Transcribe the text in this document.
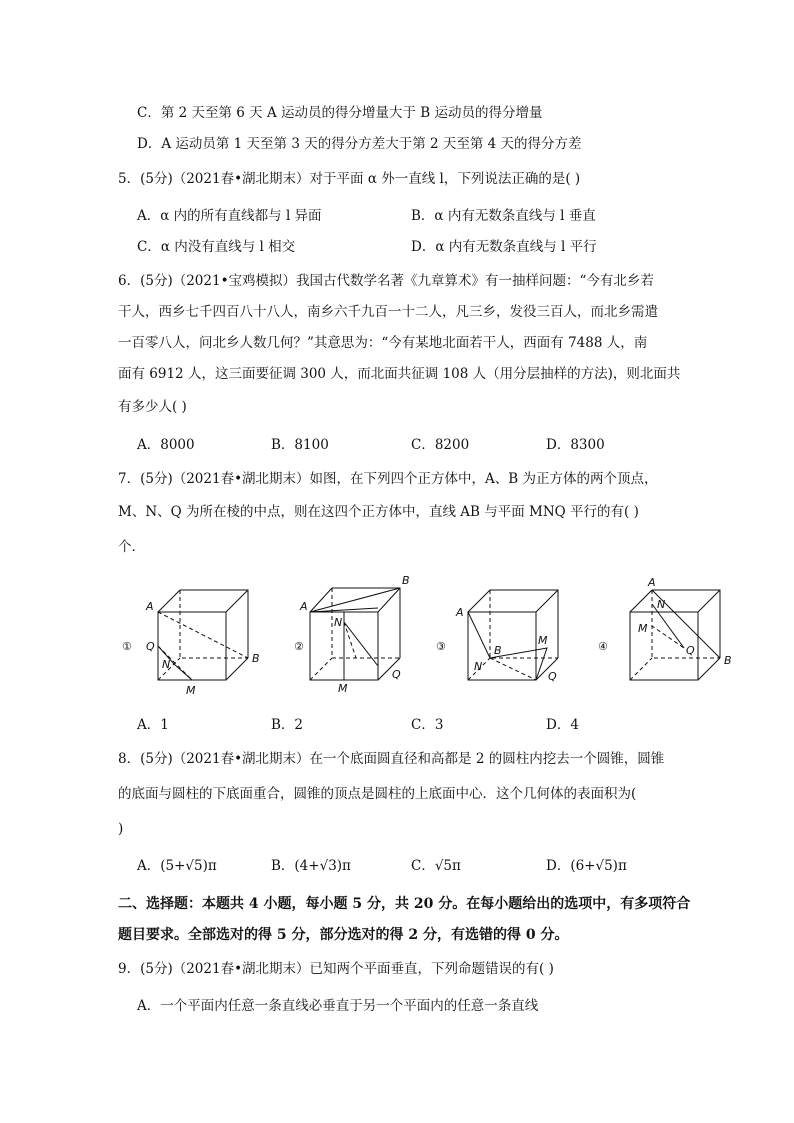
C．第 2 天至第 6 天 A 运动员的得分增量大于 B 运动员的得分增量
D．A 运动员第 1 天至第 3 天的得分方差大于第 2 天至第 4 天的得分方差
5．(5分)（2021春•湖北期末）对于平面 α 外一直线 l，下列说法正确的是( )
A．α 内的所有直线都与 l 异面	B．α 内有无数条直线与 l 垂直
C．α 内没有直线与 l 相交	D．α 内有无数条直线与 l 平行
6．(5分)（2021•宝鸡模拟）我国古代数学名著《九章算术》有一抽样问题：“今有北乡若
干人，西乡七千四百八十八人，南乡六千九百一十二人，凡三乡，发役三百人，而北乡需遣
一百零八人，问北乡人数几何？”其意思为：“今有某地北面若干人，西面有 7488 人，南
面有 6912 人，这三面要征调 300 人，而北面共征调 108 人（用分层抽样的方法)，则北面共
有多少人( )
A．8000	B．8100	C．8200	D．8300
7．(5分)（2021春•湖北期末）如图，在下列四个正方体中，A、B 为正方体的两个顶点，
M、N、Q 为所在棱的中点，则在这四个正方体中，直线 AB 与平面 MNQ 平行的有( )
个．
①
A
B
Q
N
M
②
A
B
N
M
Q
③
A
B
M
N
Q
④
A
N
M
Q
B
A．1	B．2	C．3	D．4
8．(5分)（2021春•湖北期末）在一个底面圆直径和高都是 2 的圆柱内挖去一个圆锥，圆锥
的底面与圆柱的下底面重合，圆锥的顶点是圆柱的上底面中心．这个几何体的表面积为(
)
A．(5+√5)π	B．(4+√3)π	C．√5π	D．(6+√5)π
二、选择题：本题共 4 小题，每小题 5 分，共 20 分。在每小题给出的选项中，有多项符合
题目要求。全部选对的得 5 分，部分选对的得 2 分，有选错的得 0 分。
9．(5分)（2021春•湖北期末）已知两个平面垂直，下列命题错误的有( )
A．一个平面内任意一条直线必垂直于另一个平面内的任意一条直线
